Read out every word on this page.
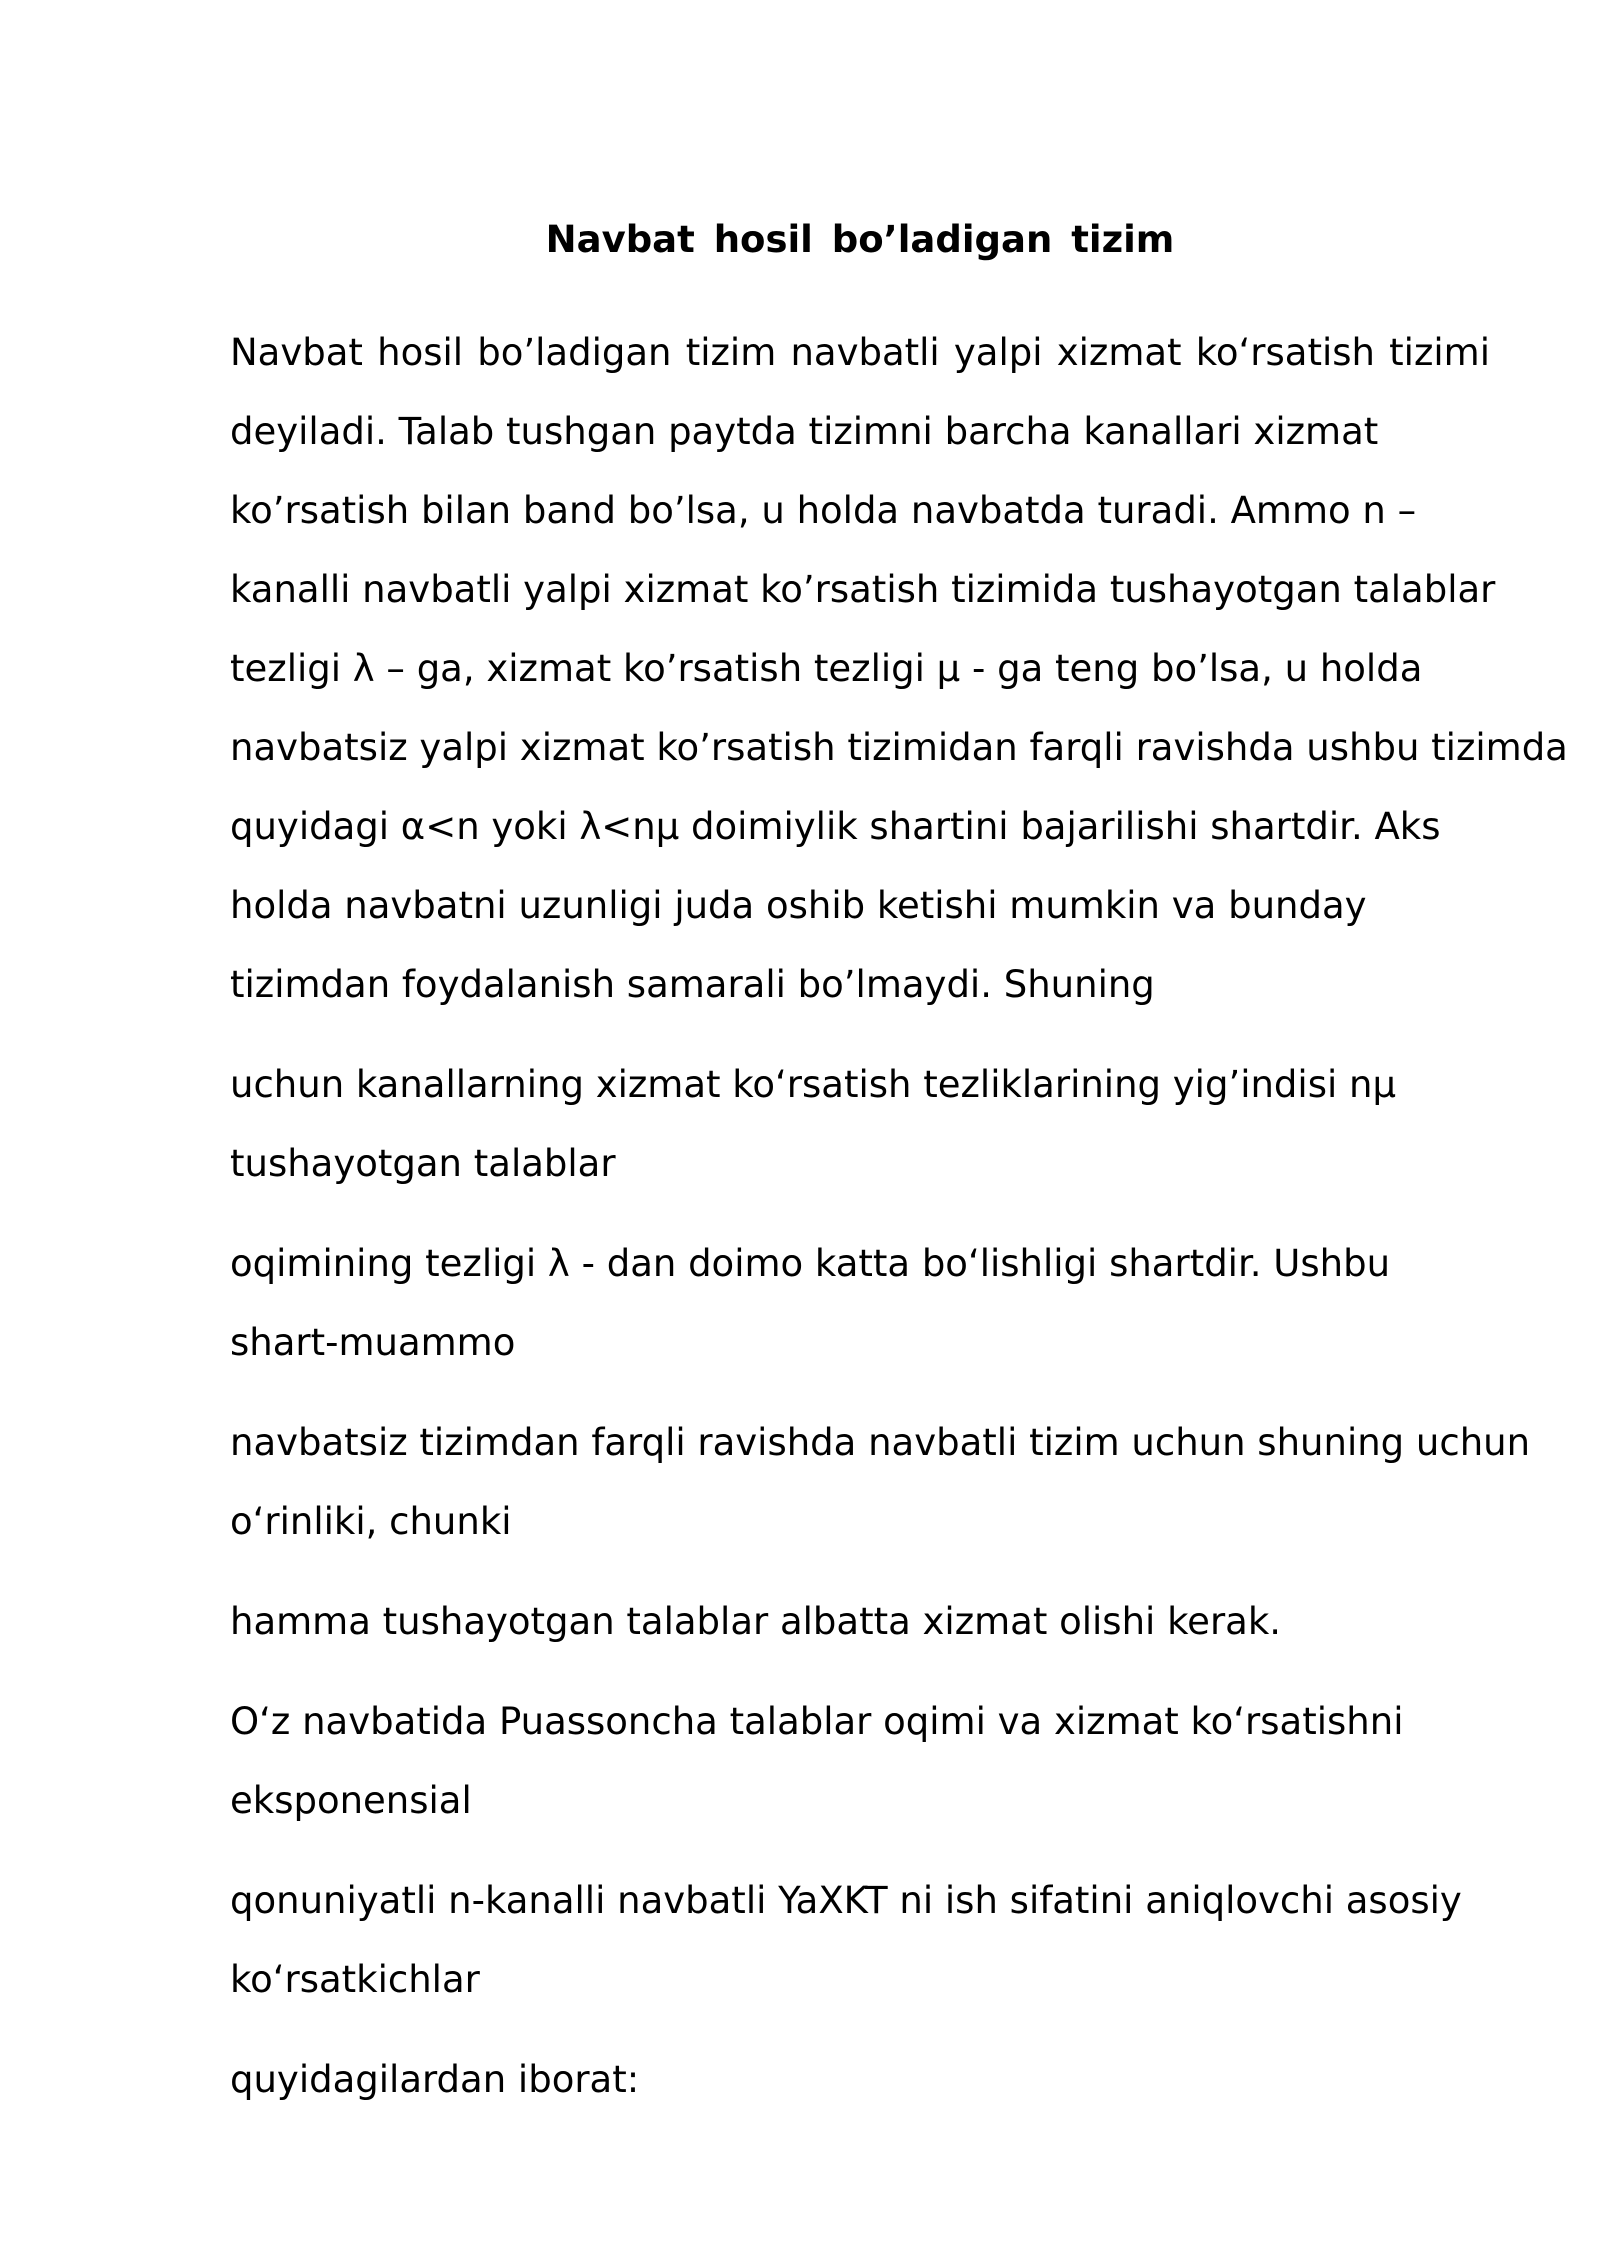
Navbat hosil bo’ladigan tizim

Navbat hosil bo’ladigan tizim navbatli yalpi xizmat koʻrsatish tizimi
deyiladi. Talab tushgan paytda tizimni barcha kanallari xizmat
ko’rsatish bilan band bo’lsa, u holda navbatda turadi. Ammo n –
kanalli navbatli yalpi xizmat ko’rsatish tizimida tushayotgan talablar
tezligi λ – ga, xizmat ko’rsatish tezligi μ - ga teng bo’lsa, u holda
navbatsiz yalpi xizmat ko’rsatish tizimidan farqli ravishda ushbu tizimda
quyidagi α<n yoki λ<nμ doimiylik shartini bajarilishi shartdir. Aks
holda navbatni uzunligi juda oshib ketishi mumkin va bunday
tizimdan foydalanish samarali bo’lmaydi. Shuning

uchun kanallarning xizmat koʻrsatish tezliklarining yig’indisi nμ
tushayotgan talablar

oqimining tezligi λ - dan doimo katta boʻlishligi shartdir. Ushbu
shart-muammo

navbatsiz tizimdan farqli ravishda navbatli tizim uchun shuning uchun
oʻrinliki, chunki

hamma tushayotgan talablar albatta xizmat olishi kerak.

Oʻz navbatida Puassoncha talablar oqimi va xizmat koʻrsatishni
eksponensial

qonuniyatli n-kanalli navbatli YaXKT ni ish sifatini aniqlovchi asosiy
koʻrsatkichlar

quyidagilardan iborat:
